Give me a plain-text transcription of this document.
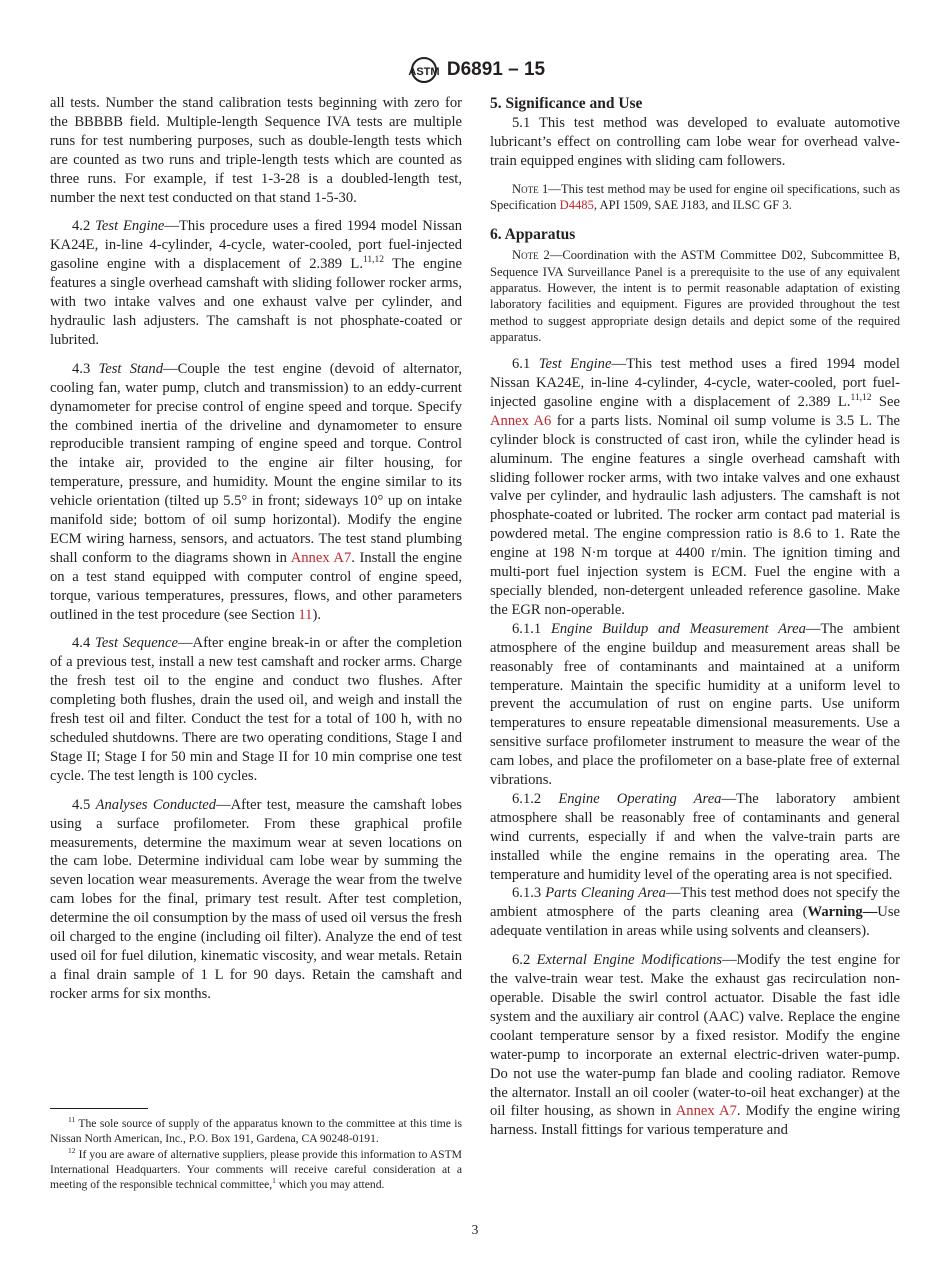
ASTM D6891 – 15

all tests. Number the stand calibration tests beginning with zero for the BBBBB field. Multiple-length Sequence IVA tests are multiple runs for test numbering purposes, such as double-length tests which are counted as two runs and triple-length tests which are counted as three runs. For example, if test 1-3-28 is a doubled-length test, number the next test conducted on that stand 1-5-30.

4.2 Test Engine—This procedure uses a fired 1994 model Nissan KA24E, in-line 4-cylinder, 4-cycle, water-cooled, port fuel-injected gasoline engine with a displacement of 2.389 L.$^{11,12}$ The engine features a single overhead camshaft with sliding follower rocker arms, with two intake valves and one exhaust valve per cylinder, and hydraulic lash adjusters. The camshaft is not phosphate-coated or lubrited.

4.3 Test Stand—Couple the test engine (devoid of alternator, cooling fan, water pump, clutch and transmission) to an eddy-current dynamometer for precise control of engine speed and torque. Specify the combined inertia of the driveline and dynamometer to ensure reproducible transient ramping of engine speed and torque. Control the intake air, provided to the engine air filter housing, for temperature, pressure, and humidity. Mount the engine similar to its vehicle orientation (tilted up 5.5° in front; sideways 10° up on intake manifold side; bottom of oil sump horizontal). Modify the engine ECM wiring harness, sensors, and actuators. The test stand plumbing shall conform to the diagrams shown in Annex A7. Install the engine on a test stand equipped with computer control of engine speed, torque, various temperatures, pressures, flows, and other parameters outlined in the test procedure (see Section 11).

4.4 Test Sequence—After engine break-in or after the completion of a previous test, install a new test camshaft and rocker arms. Charge the fresh test oil to the engine and conduct two flushes. After completing both flushes, drain the used oil, and weigh and install the fresh test oil and filter. Conduct the test for a total of 100 h, with no scheduled shutdowns. There are two operating conditions, Stage I and Stage II; Stage I for 50 min and Stage II for 10 min comprise one test cycle. The test length is 100 cycles.

4.5 Analyses Conducted—After test, measure the camshaft lobes using a surface profilometer. From these graphical profile measurements, determine the maximum wear at seven locations on the cam lobe. Determine individual cam lobe wear by summing the seven location wear measurements. Average the wear from the twelve cam lobes for the final, primary test result. After test completion, determine the oil consumption by the mass of used oil versus the fresh oil charged to the engine (including oil filter). Analyze the end of test used oil for fuel dilution, kinematic viscosity, and wear metals. Retain a final drain sample of 1 L for 90 days. Retain the camshaft and rocker arms for six months.

5. Significance and Use

5.1 This test method was developed to evaluate automotive lubricant’s effect on controlling cam lobe wear for overhead valve-train equipped engines with sliding cam followers.

Note 1—This test method may be used for engine oil specifications, such as Specification D4485, API 1509, SAE J183, and ILSC GF 3.

6. Apparatus

Note 2—Coordination with the ASTM Committee D02, Subcommittee B, Sequence IVA Surveillance Panel is a prerequisite to the use of any equivalent apparatus. However, the intent is to permit reasonable adaptation of existing laboratory facilities and equipment. Figures are provided throughout the test method to suggest appropriate design details and depict some of the required apparatus.

6.1 Test Engine—This test method uses a fired 1994 model Nissan KA24E, in-line 4-cylinder, 4-cycle, water-cooled, port fuel-injected gasoline engine with a displacement of 2.389 L.$^{11,12}$ See Annex A6 for a parts lists. Nominal oil sump volume is 3.5 L. The cylinder block is constructed of cast iron, while the cylinder head is aluminum. The engine features a single overhead camshaft with sliding follower rocker arms, with two intake valves and one exhaust valve per cylinder, and hydraulic lash adjusters. The camshaft is not phosphate-coated or lubrited. The rocker arm contact pad material is powdered metal. The engine compression ratio is 8.6 to 1. Rate the engine at 198 N·m torque at 4400 r/min. The ignition timing and multi-port fuel injection system is ECM. Fuel the engine with a specially blended, non-detergent unleaded reference gasoline. Make the EGR non-operable.

6.1.1 Engine Buildup and Measurement Area—The ambient atmosphere of the engine buildup and measurement areas shall be reasonably free of contaminants and maintained at a uniform temperature. Maintain the specific humidity at a uniform level to prevent the accumulation of rust on engine parts. Use uniform temperatures to ensure repeatable dimensional measurements. Use a sensitive surface profilometer instrument to measure the wear of the cam lobes, and place the profilometer on a base-plate free of external vibrations.

6.1.2 Engine Operating Area—The laboratory ambient atmosphere shall be reasonably free of contaminants and general wind currents, especially if and when the valve-train parts are installed while the engine remains in the operating area. The temperature and humidity level of the operating area is not specified.

6.1.3 Parts Cleaning Area—This test method does not specify the ambient atmosphere of the parts cleaning area (Warning—Use adequate ventilation in areas while using solvents and cleansers).

6.2 External Engine Modifications—Modify the test engine for the valve-train wear test. Make the exhaust gas recirculation non-operable. Disable the swirl control actuator. Disable the fast idle system and the auxiliary air control (AAC) valve. Replace the engine coolant temperature sensor by a fixed resistor. Modify the engine water-pump to incorporate an external electric-driven water-pump. Do not use the water-pump fan blade and cooling radiator. Remove the alternator. Install an oil cooler (water-to-oil heat exchanger) at the oil filter housing, as shown in Annex A7. Modify the engine wiring harness. Install fittings for various temperature and

$^{11}$ The sole source of supply of the apparatus known to the committee at this time is Nissan North American, Inc., P.O. Box 191, Gardena, CA 90248-0191.

$^{12}$ If you are aware of alternative suppliers, please provide this information to ASTM International Headquarters. Your comments will receive careful consideration at a meeting of the responsible technical committee,$^1$ which you may attend.

3
